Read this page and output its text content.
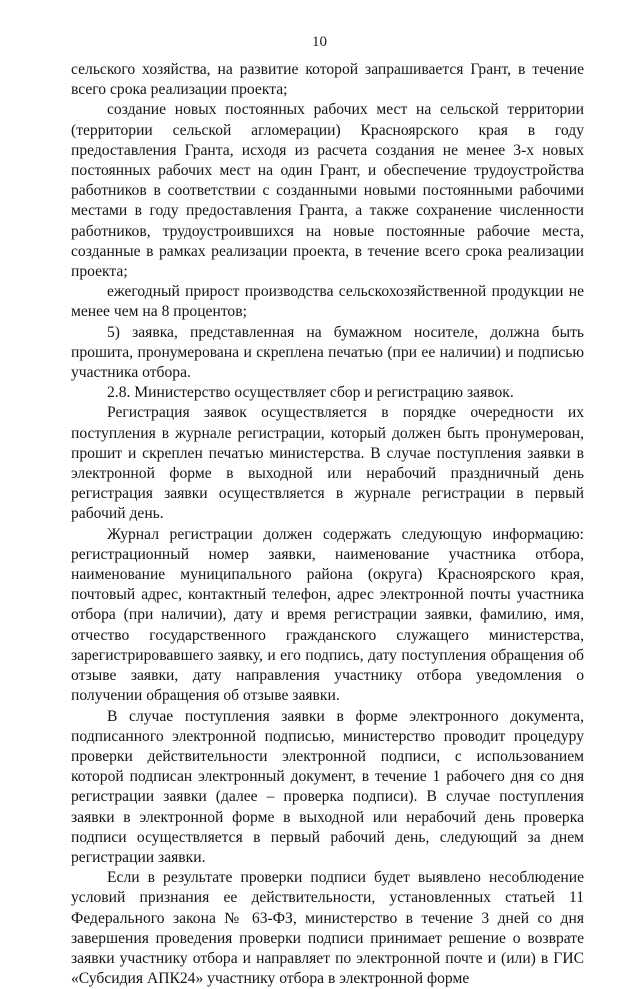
10

сельского хозяйства, на развитие которой запрашивается Грант, в течение всего срока реализации проекта;

создание новых постоянных рабочих мест на сельской территории (территории сельской агломерации) Красноярского края в году предоставления Гранта, исходя из расчета создания не менее 3-х новых постоянных рабочих мест на один Грант, и обеспечение трудоустройства работников в соответствии с созданными новыми постоянными рабочими местами в году предоставления Гранта, а также сохранение численности работников, трудоустроившихся на новые постоянные рабочие места, созданные в рамках реализации проекта, в течение всего срока реализации проекта;

ежегодный прирост производства сельскохозяйственной продукции не менее чем на 8 процентов;

5) заявка, представленная на бумажном носителе, должна быть прошита, пронумерована и скреплена печатью (при ее наличии) и подписью участника отбора.

2.8. Министерство осуществляет сбор и регистрацию заявок.

Регистрация заявок осуществляется в порядке очередности их поступления в журнале регистрации, который должен быть пронумерован, прошит и скреплен печатью министерства. В случае поступления заявки в электронной форме в выходной или нерабочий праздничный день регистрация заявки осуществляется в журнале регистрации в первый рабочий день.

Журнал регистрации должен содержать следующую информацию: регистрационный номер заявки, наименование участника отбора, наименование муниципального района (округа) Красноярского края, почтовый адрес, контактный телефон, адрес электронной почты участника отбора (при наличии), дату и время регистрации заявки, фамилию, имя, отчество государственного гражданского служащего министерства, зарегистрировавшего заявку, и его подпись, дату поступления обращения об отзыве заявки, дату направления участнику отбора уведомления о получении обращения об отзыве заявки.

В случае поступления заявки в форме электронного документа, подписанного электронной подписью, министерство проводит процедуру проверки действительности электронной подписи, с использованием которой подписан электронный документ, в течение 1 рабочего дня со дня регистрации заявки (далее – проверка подписи). В случае поступления заявки в электронной форме в выходной или нерабочий день проверка подписи осуществляется в первый рабочий день, следующий за днем регистрации заявки.

Если в результате проверки подписи будет выявлено несоблюдение условий признания ее действительности, установленных статьей 11 Федерального закона № 63-ФЗ, министерство в течение 3 дней со дня завершения проведения проверки подписи принимает решение о возврате заявки участнику отбора и направляет по электронной почте и (или) в ГИС «Субсидия АПК24» участнику отбора в электронной форме
